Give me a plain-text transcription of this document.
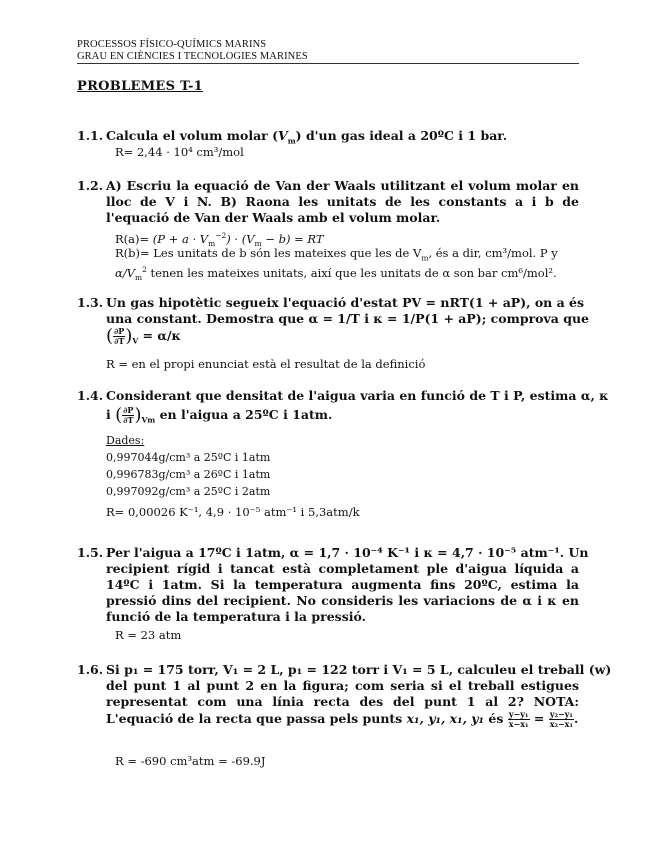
PROCESSOS FÍSICO-QUÍMICS MARINS
GRAU EN CIÈNCIES I TECNOLOGIES MARINES
PROBLEMES T-1
1.1. Calcula el volum molar $(V_m)$ d'un gas ideal a 20ºC i 1 bar.
R= 2,44 · 10⁴ cm³/mol
1.2. A) Escriu la equació de Van der Waals utilitzant el volum molar en lloc de V i N. B) Raona les unitats de les constants a i b de l'equació de Van der Waals amb el volum molar.
$R(a)= (P + a \cdot V_m^{-2}) \cdot (V_m - b)$ = RT
R(b)= Les unitats de b són les mateixes que les de $V_m$, és a dir, cm³/mol. P y
$\alpha/V_m^2$ tenen les mateixes unitats, així que les unitats de α son bar cm⁶/mol².
1.3. Un gas hipotètic segueix l'equació d'estat PV = nRT(1 + aP), on a és
una constant. Demostra que α = 1/T i κ = 1/P(1 + aP); comprova que
( $\frac{\partial P}{\partial T} )_V = \alpha/\kappa$
R = en el propi enunciat està el resultat de la definició
1.4. Considerant que densitat de l'aigua varia en funció de T i P, estima α, κ
i ( $\frac{\partial P}{\partial T} )_{Vm}$ en l'aigua a 25ºC i 1atm.
Dades:
0,997044g/cm³ a 25ºC i 1atm
0,996783g/cm³ a 26ºC i 1atm
0,997092g/cm³ a 25ºC i 2atm
R= 0,00026 K⁻¹, 4,9 · 10⁻⁵ atm⁻¹ i 5,3atm/k
1.5. Per l'aigua a 17ºC i 1atm, α = 1,7 · 10⁻⁴ K⁻¹ i κ = 4,7 · 10⁻⁵ atm⁻¹. Un
recipient rígid i tancat està completament ple d'aigua líquida a 14ºC i 1atm. Si la temperatura augmenta fins 20ºC, estima la pressió dins del recipient. No consideris les variacions de α i κ en funció de la temperatura i la pressió.
R = 23 atm
1.6. Si p₁ = 175 torr, V₁ = 2 L, p₁ = 122 torr i V₁ = 5 L, calculeu el treball (w)
del punt 1 al punt 2 en la figura; com seria si el treball estigues representat com una línia recta des del punt 1 al 2? NOTA: L'equació de la recta que passa pels punts x₁, y₁, x₁, y₁ és $\frac{\text{y−y₁}}{\text{x−x₁}} = \frac{\text{y₂−y₁}}{\text{x₂−x₁}}$ .
R = -690 cm³atm = -69.9J
